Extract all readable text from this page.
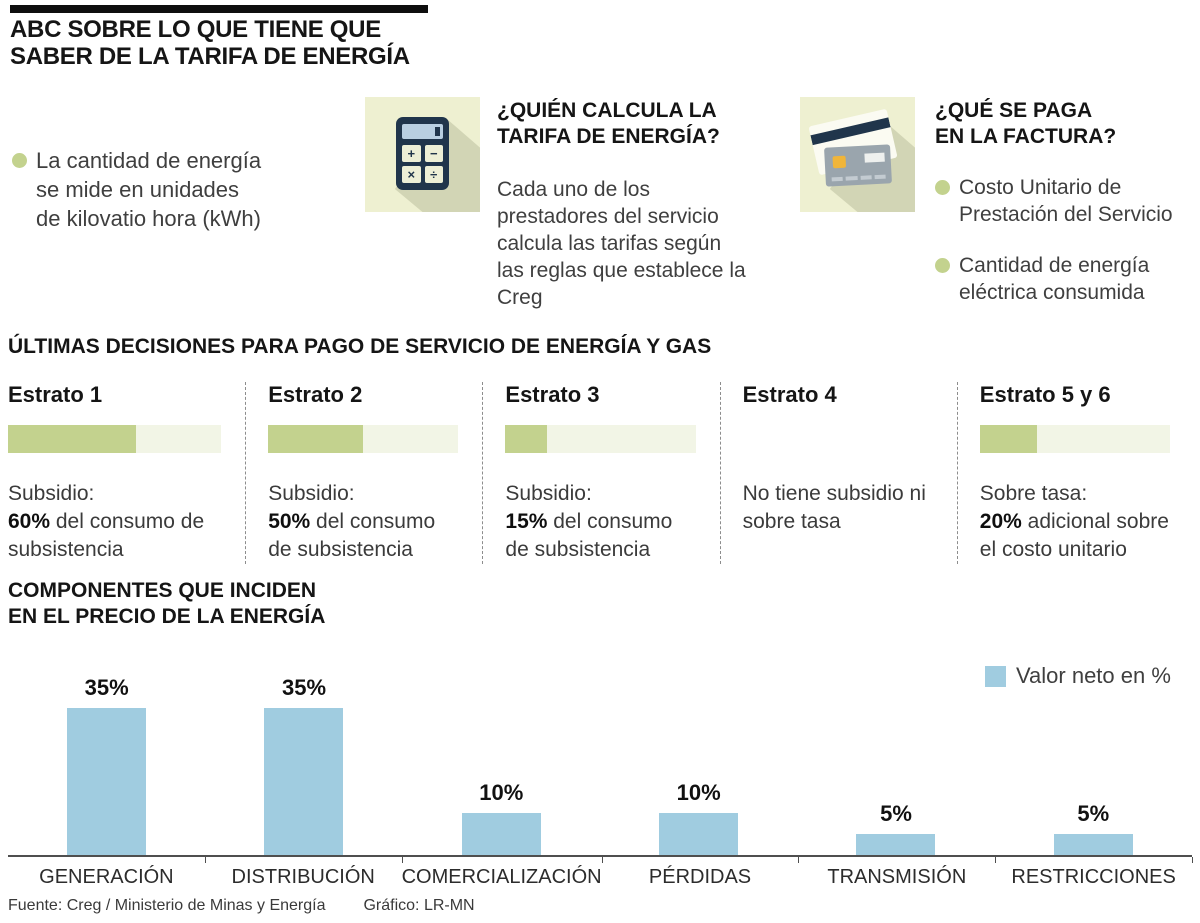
ABC SOBRE LO QUE TIENE QUE
SABER DE LA TARIFA DE ENERGÍA
La cantidad de energía se mide en unidades de kilovatio hora (kWh)
+	−
×	÷
¿QUIÉN CALCULA LA
TARIFA DE ENERGÍA?
Cada uno de los prestadores del servicio calcula las tarifas según las reglas que establece la Creg
¿QUÉ SE PAGA
EN LA FACTURA?
Costo Unitario de Prestación del Servicio
Cantidad de energía eléctrica consumida
ÚLTIMAS DECISIONES PARA PAGO DE SERVICIO DE ENERGÍA Y GAS
Estrato 1
Subsidio:
60% del consumo de subsistencia
Estrato 2
Subsidio:
50% del consumo de subsistencia
Estrato 3
Subsidio:
15% del consumo de subsistencia
Estrato 4
No tiene subsidio ni sobre tasa
Estrato 5 y 6
Sobre tasa:
20% adicional sobre el costo unitario
COMPONENTES QUE INCIDEN
EN EL PRECIO DE LA ENERGÍA
Valor neto en %
35%	35%
10%	10%
5%	5%
GENERACIÓN	DISTRIBUCIÓN	COMERCIALIZACIÓN	PÉRDIDAS	TRANSMISIÓN	RESTRICCIONES
Fuente: Creg / Ministerio de Minas y Energía Gráfico: LR-MN
